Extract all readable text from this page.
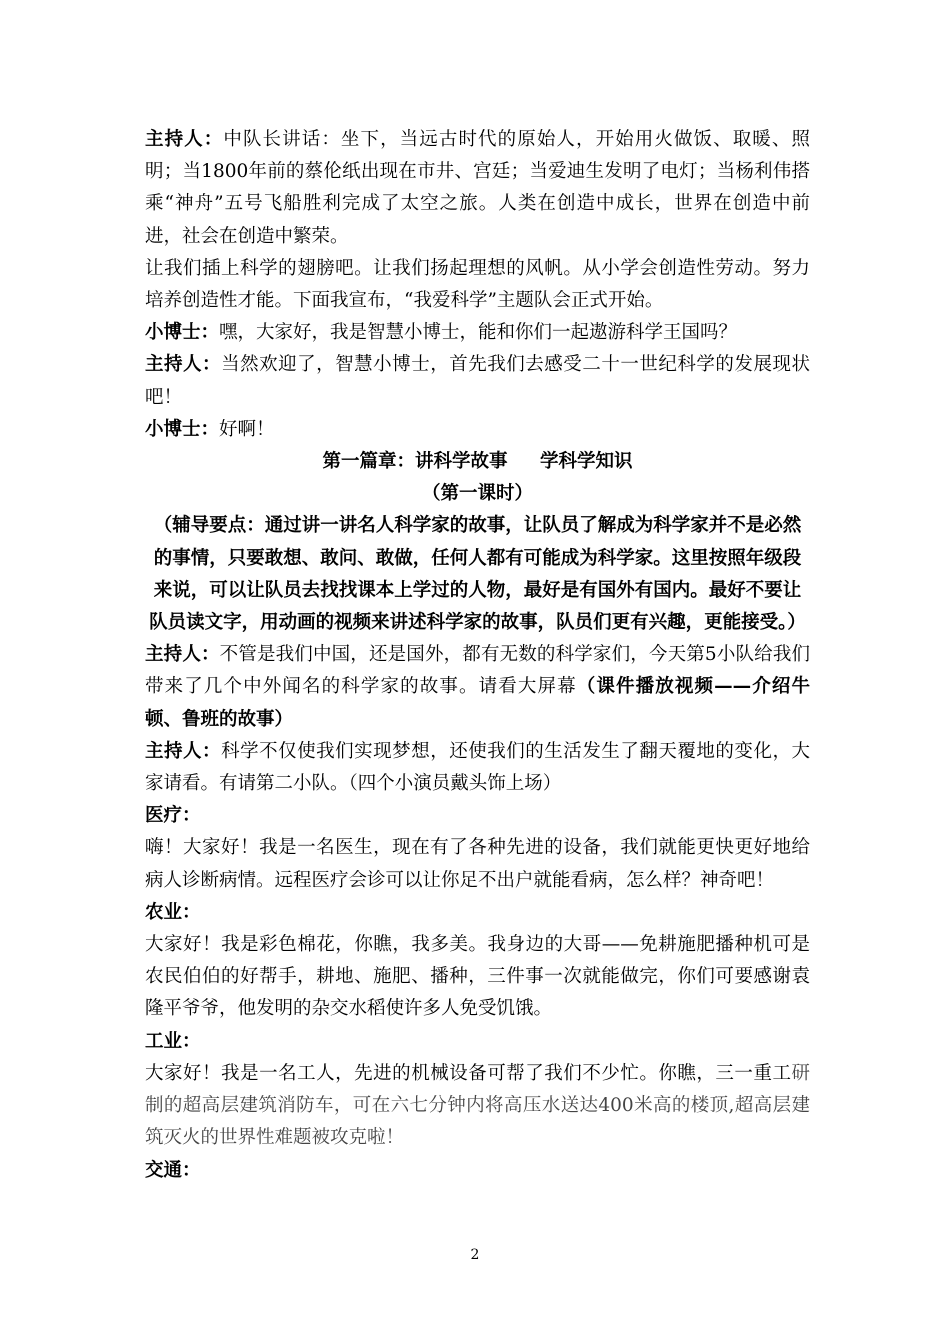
主持人：中队长讲话：坐下，当远古时代的原始人，开始用火做饭、取暖、照明；当1800年前的蔡伦纸出现在市井、宫廷；当爱迪生发明了电灯；当杨利伟搭乘“神舟”五号飞船胜利完成了太空之旅。人类在创造中成长，世界在创造中前进，社会在创造中繁荣。

让我们插上科学的翅膀吧。让我们扬起理想的风帆。从小学会创造性劳动。努力培养创造性才能。下面我宣布，“我爱科学”主题队会正式开始。

小博士：嘿，大家好，我是智慧小博士，能和你们一起遨游科学王国吗？

主持人：当然欢迎了，智慧小博士，首先我们去感受二十一世纪科学的发展现状吧！

小博士：好啊！

第一篇章：讲科学故事 学科学知识

（第一课时）

（辅导要点：通过讲一讲名人科学家的故事，让队员了解成为科学家并不是必然的事情，只要敢想、敢问、敢做，任何人都有可能成为科学家。这里按照年级段来说，可以让队员去找找课本上学过的人物，最好是有国外有国内。最好不要让队员读文字，用动画的视频来讲述科学家的故事，队员们更有兴趣，更能接受。）

主持人：不管是我们中国，还是国外，都有无数的科学家们，今天第5小队给我们带来了几个中外闻名的科学家的故事。请看大屏幕（课件播放视频——介绍牛顿、鲁班的故事）

主持人：科学不仅使我们实现梦想，还使我们的生活发生了翻天覆地的变化，大家请看。有请第二小队。（四个小演员戴头饰上场）

医疗：

嗨！大家好！我是一名医生，现在有了各种先进的设备，我们就能更快更好地给病人诊断病情。远程医疗会诊可以让你足不出户就能看病，怎么样？神奇吧！

农业：

大家好！我是彩色棉花，你瞧，我多美。我身边的大哥——免耕施肥播种机可是农民伯伯的好帮手，耕地、施肥、播种，三件事一次就能做完，你们可要感谢袁隆平爷爷，他发明的杂交水稻使许多人免受饥饿。

工业：

大家好！我是一名工人，先进的机械设备可帮了我们不少忙。你瞧，三一重工研制的超高层建筑消防车，可在六七分钟内将高压水送达400米高的楼顶,超高层建筑灭火的世界性难题被攻克啦！

交通：

2
